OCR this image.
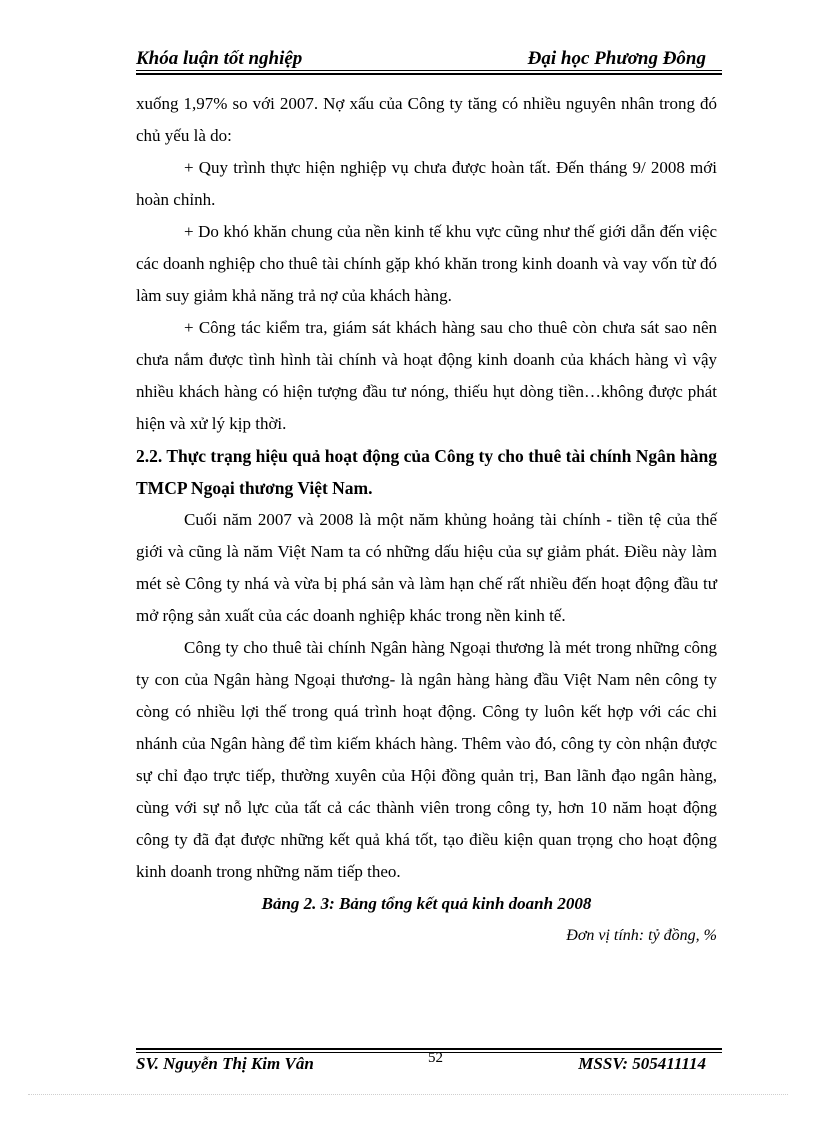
Khóa luận tốt nghiệp	Đại học Phương Đông

xuống 1,97% so với 2007. Nợ xấu của Công ty tăng có nhiều nguyên nhân trong đó chủ yếu là do:

+ Quy trình thực hiện nghiệp vụ chưa được hoàn tất. Đến tháng 9/ 2008 mới hoàn chỉnh.

+ Do khó khăn chung của nền kinh tế khu vực cũng như thế giới dẫn đến việc các doanh nghiệp cho thuê tài chính gặp khó khăn trong kinh doanh và vay vốn từ đó làm suy giảm khả năng trả nợ của khách hàng.

+ Công tác kiểm tra, giám sát khách hàng sau cho thuê còn chưa sát sao nên chưa nắm được tình hình tài chính và hoạt động kinh doanh của khách hàng vì vậy nhiều khách hàng có hiện tượng đầu tư nóng, thiếu hụt dòng tiền…không được phát hiện và xử lý kịp thời.

2.2. Thực trạng hiệu quả hoạt động của Công ty cho thuê tài chính Ngân hàng TMCP Ngoại thương Việt Nam.

Cuối năm 2007 và 2008 là một năm khủng hoảng tài chính - tiền tệ của thế giới và cũng là năm Việt Nam ta có những dấu hiệu của sự giảm phát. Điều này làm mét sè Công ty nhá và vừa bị phá sản và làm hạn chế rất nhiều đến hoạt động đầu tư mở rộng sản xuất của các doanh nghiệp khác trong nền kinh tế.

Công ty cho thuê tài chính Ngân hàng Ngoại thương là mét trong những công ty con của Ngân hàng Ngoại thương- là ngân hàng hàng đầu Việt Nam nên công ty còng có nhiều lợi thế trong quá trình hoạt động. Công ty luôn kết hợp với các chi nhánh của Ngân hàng để tìm kiếm khách hàng. Thêm vào đó, công ty còn nhận được sự chỉ đạo trực tiếp, thường xuyên của Hội đồng quản trị, Ban lãnh đạo ngân hàng, cùng với sự nỗ lực của tất cả các thành viên trong công ty, hơn 10 năm hoạt động công ty đã đạt được những kết quả khá tốt, tạo điều kiện quan trọng cho hoạt động kinh doanh trong những năm tiếp theo.

Bảng 2. 3: Bảng tổng kết quả kinh doanh 2008

Đơn vị tính: tỷ đồng, %

SV. Nguyễn Thị Kim Vân	52	MSSV: 505411114
